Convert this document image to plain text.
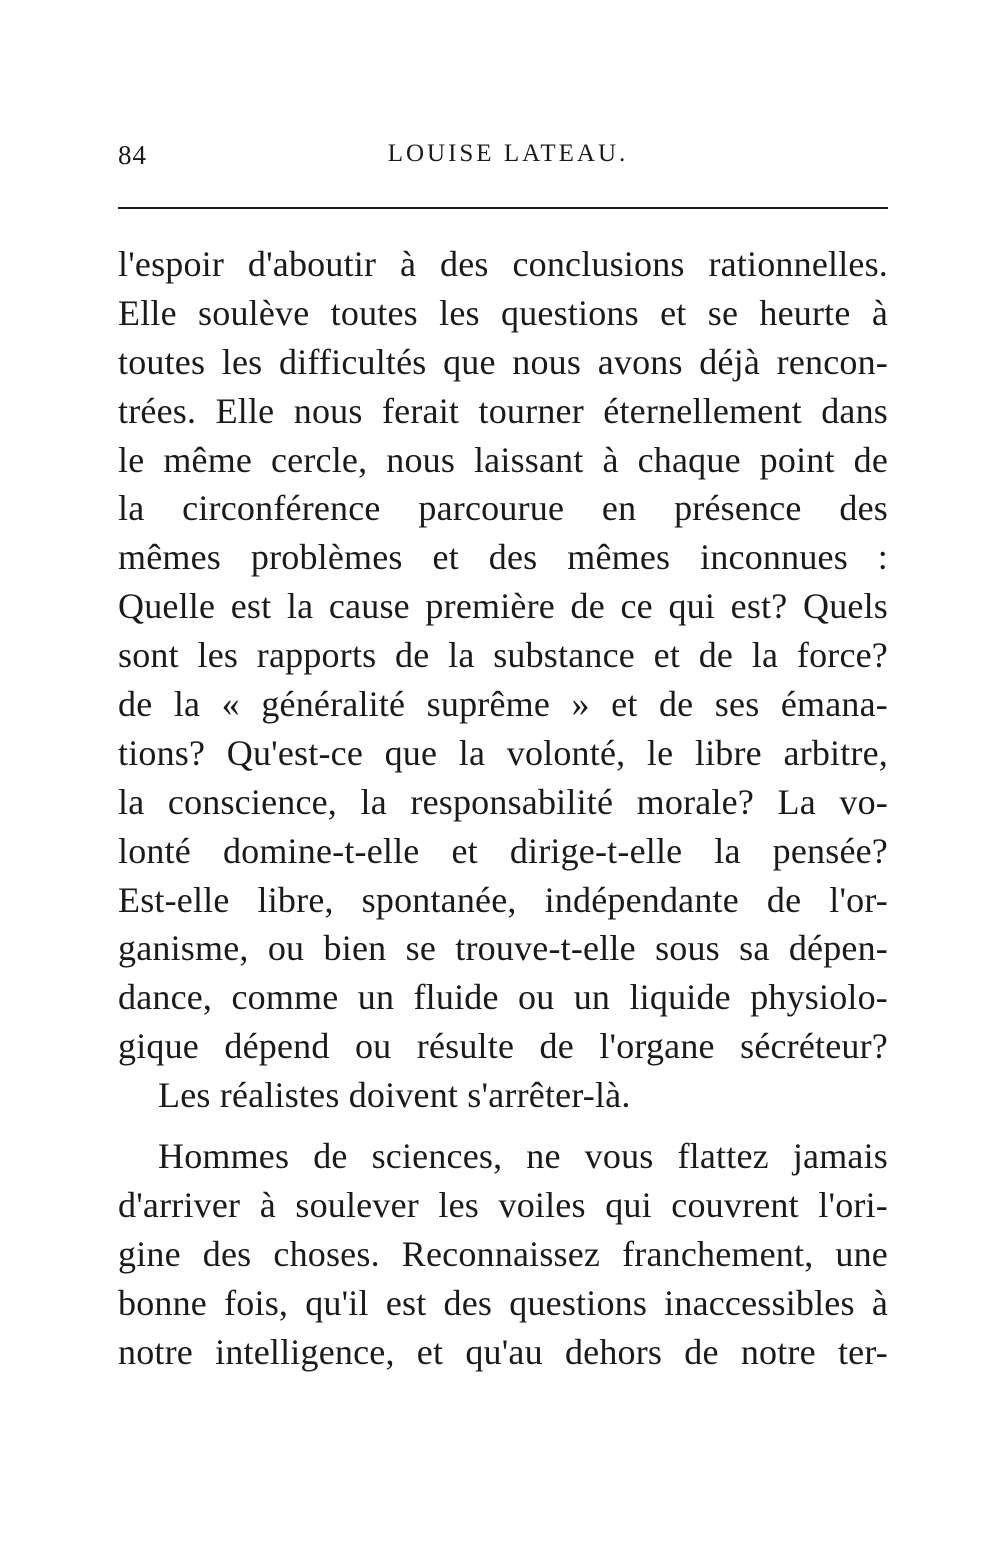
84	LOUISE LATEAU.
l'espoir d'aboutir à des conclusions rationnelles.
Elle soulève toutes les questions et se heurte à
toutes les difficultés que nous avons déjà rencon-
trées. Elle nous ferait tourner éternellement dans
le même cercle, nous laissant à chaque point de
la circonférence parcourue en présence des
mêmes problèmes et des mêmes inconnues :
Quelle est la cause première de ce qui est? Quels
sont les rapports de la substance et de la force?
de la « généralité suprême » et de ses émana-
tions? Qu'est-ce que la volonté, le libre arbitre,
la conscience, la responsabilité morale? La vo-
lonté domine-t-elle et dirige-t-elle la pensée?
Est-elle libre, spontanée, indépendante de l'or-
ganisme, ou bien se trouve-t-elle sous sa dépen-
dance, comme un fluide ou un liquide physiolo-
gique dépend ou résulte de l'organe sécréteur?
Les réalistes doivent s'arrêter-là.
Hommes de sciences, ne vous flattez jamais
d'arriver à soulever les voiles qui couvrent l'ori-
gine des choses. Reconnaissez franchement, une
bonne fois, qu'il est des questions inaccessibles à
notre intelligence, et qu'au dehors de notre ter-
